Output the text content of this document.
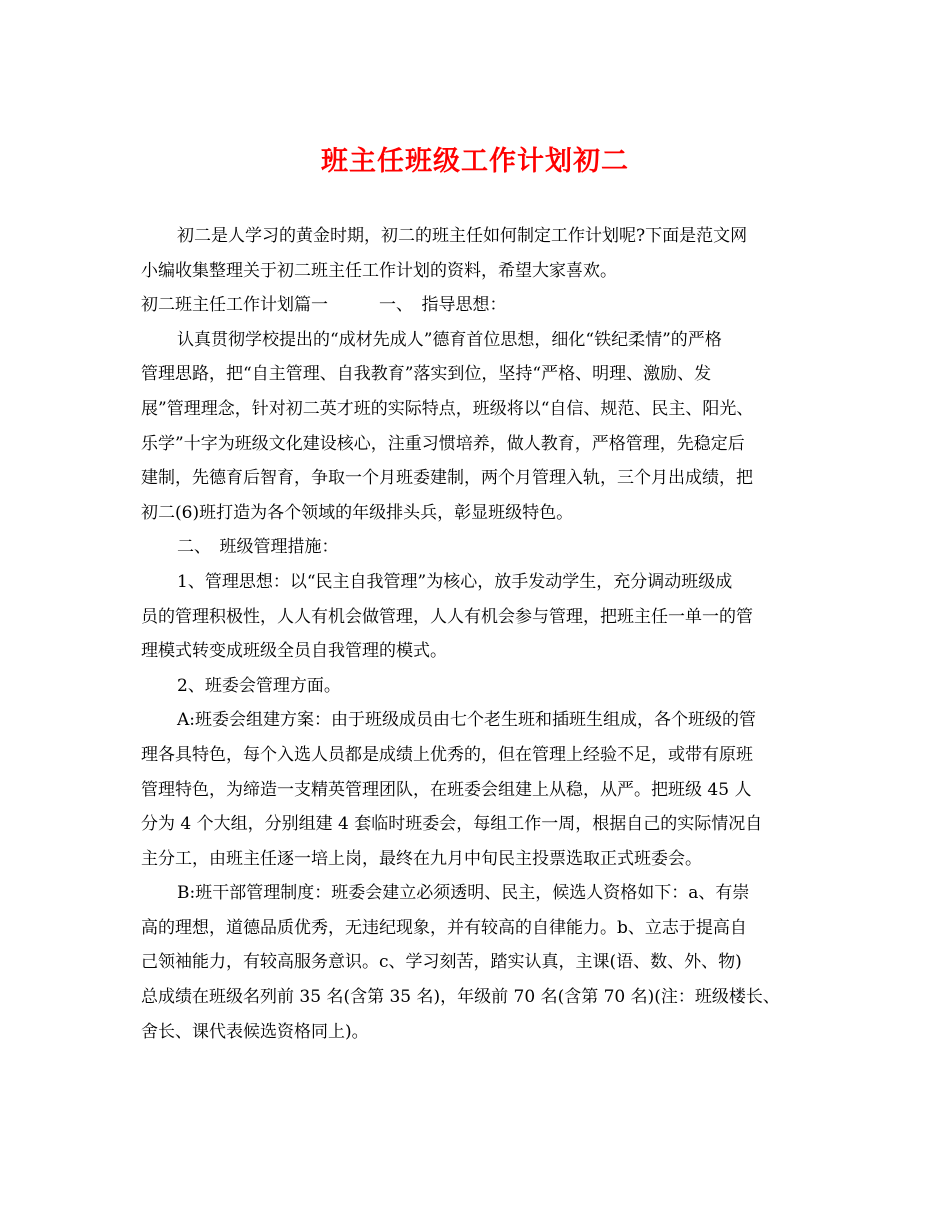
班主任班级工作计划初二
初二是人学习的黄金时期，初二的班主任如何制定工作计划呢?下面是范文网
小编收集整理关于初二班主任工作计划的资料，希望大家喜欢。
初二班主任工作计划篇一　　　一、　指导思想：
认真贯彻学校提出的“成材先成人”德育首位思想，细化“铁纪柔情”的严格
管理思路，把“自主管理、自我教育”落实到位，坚持“严格、明理、激励、发
展”管理理念，针对初二英才班的实际特点，班级将以“自信、规范、民主、阳光、
乐学”十字为班级文化建设核心，注重习惯培养，做人教育，严格管理，先稳定后
建制，先德育后智育，争取一个月班委建制，两个月管理入轨，三个月出成绩，把
初二(6)班打造为各个领域的年级排头兵，彰显班级特色。
二、　班级管理措施：
1、管理思想：以“民主自我管理”为核心，放手发动学生，充分调动班级成
员的管理积极性，人人有机会做管理，人人有机会参与管理，把班主任一单一的管
理模式转变成班级全员自我管理的模式。
2、班委会管理方面。
A:班委会组建方案：由于班级成员由七个老生班和插班生组成，各个班级的管
理各具特色，每个入选人员都是成绩上优秀的，但在管理上经验不足，或带有原班
管理特色，为缔造一支精英管理团队，在班委会组建上从稳，从严。把班级 45 人
分为 4 个大组，分别组建 4 套临时班委会，每组工作一周，根据自己的实际情况自
主分工，由班主任逐一培上岗，最终在九月中旬民主投票选取正式班委会。
B:班干部管理制度：班委会建立必须透明、民主，候选人资格如下：a、有崇
高的理想，道德品质优秀，无违纪现象，并有较高的自律能力。b、立志于提高自
己领袖能力，有较高服务意识。c、学习刻苦，踏实认真，主课(语、数、外、物)
总成绩在班级名列前 35 名(含第 35 名)，年级前 70 名(含第 70 名)(注：班级楼长、
舍长、课代表候选资格同上)。
